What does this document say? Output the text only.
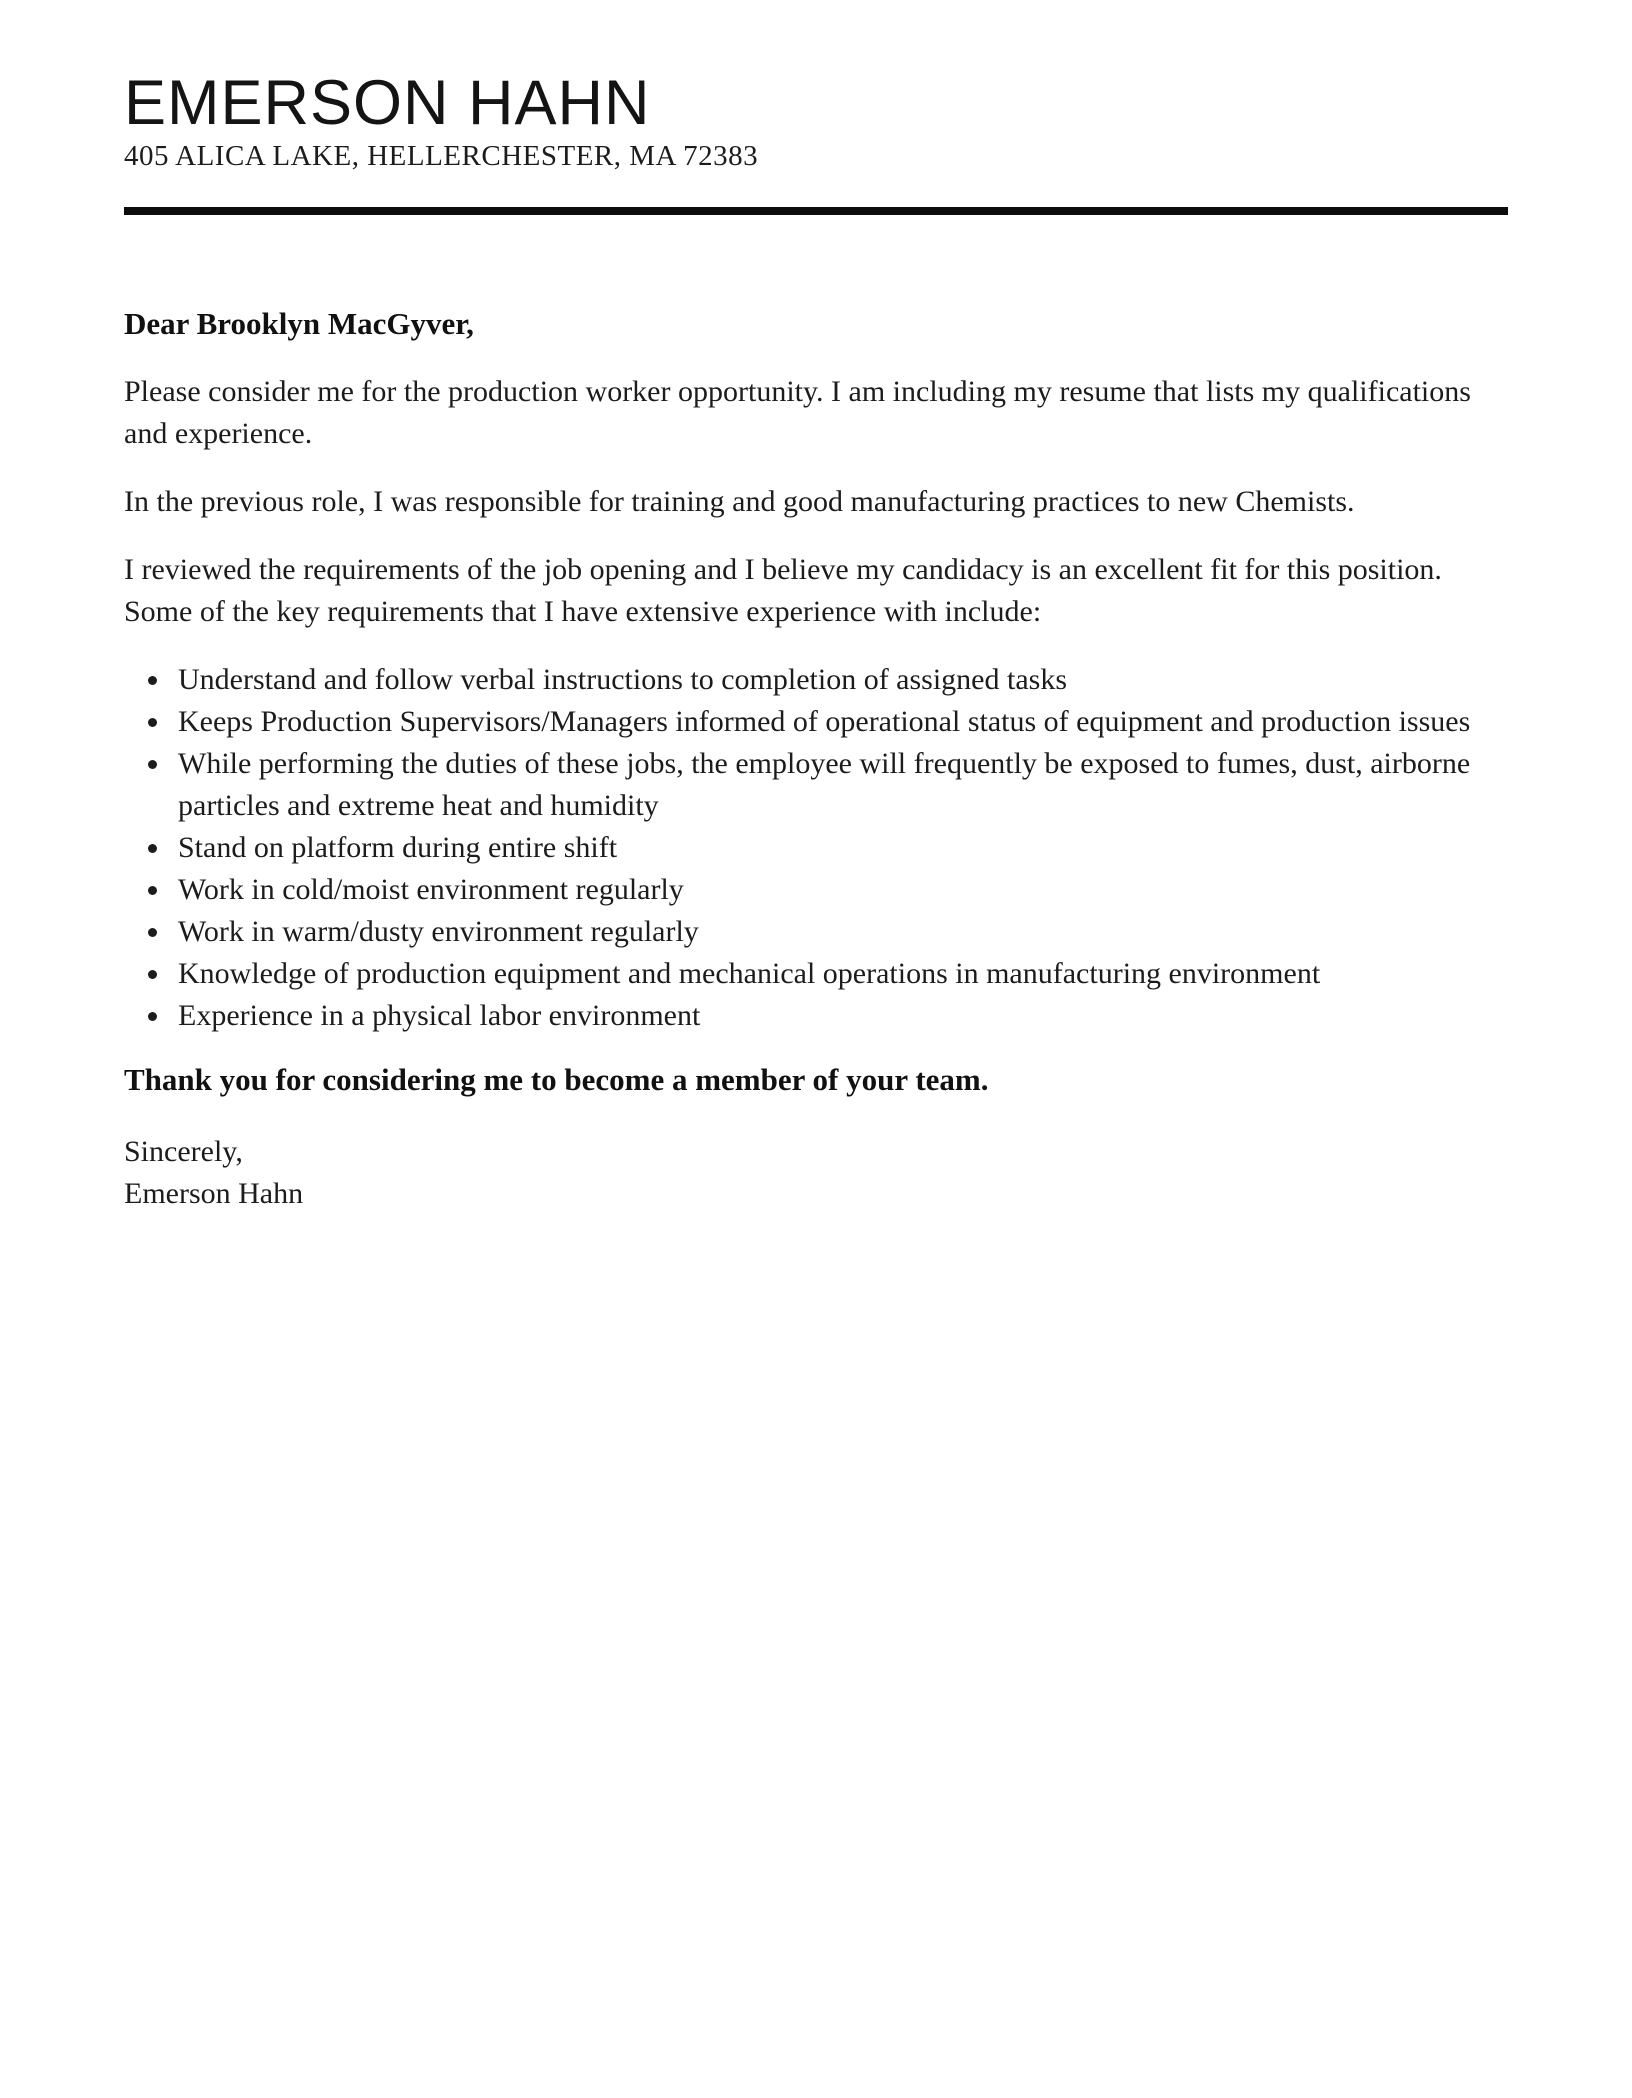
EMERSON HAHN

405 ALICA LAKE, HELLERCHESTER, MA 72383

Dear Brooklyn MacGyver,

Please consider me for the production worker opportunity. I am including my resume that lists my qualifications and experience.

In the previous role, I was responsible for training and good manufacturing practices to new Chemists.

I reviewed the requirements of the job opening and I believe my candidacy is an excellent fit for this position. Some of the key requirements that I have extensive experience with include:

• Understand and follow verbal instructions to completion of assigned tasks
• Keeps Production Supervisors/Managers informed of operational status of equipment and production issues
• While performing the duties of these jobs, the employee will frequently be exposed to fumes, dust, airborne particles and extreme heat and humidity
• Stand on platform during entire shift
• Work in cold/moist environment regularly
• Work in warm/dusty environment regularly
• Knowledge of production equipment and mechanical operations in manufacturing environment
• Experience in a physical labor environment

Thank you for considering me to become a member of your team.

Sincerely,

Emerson Hahn
